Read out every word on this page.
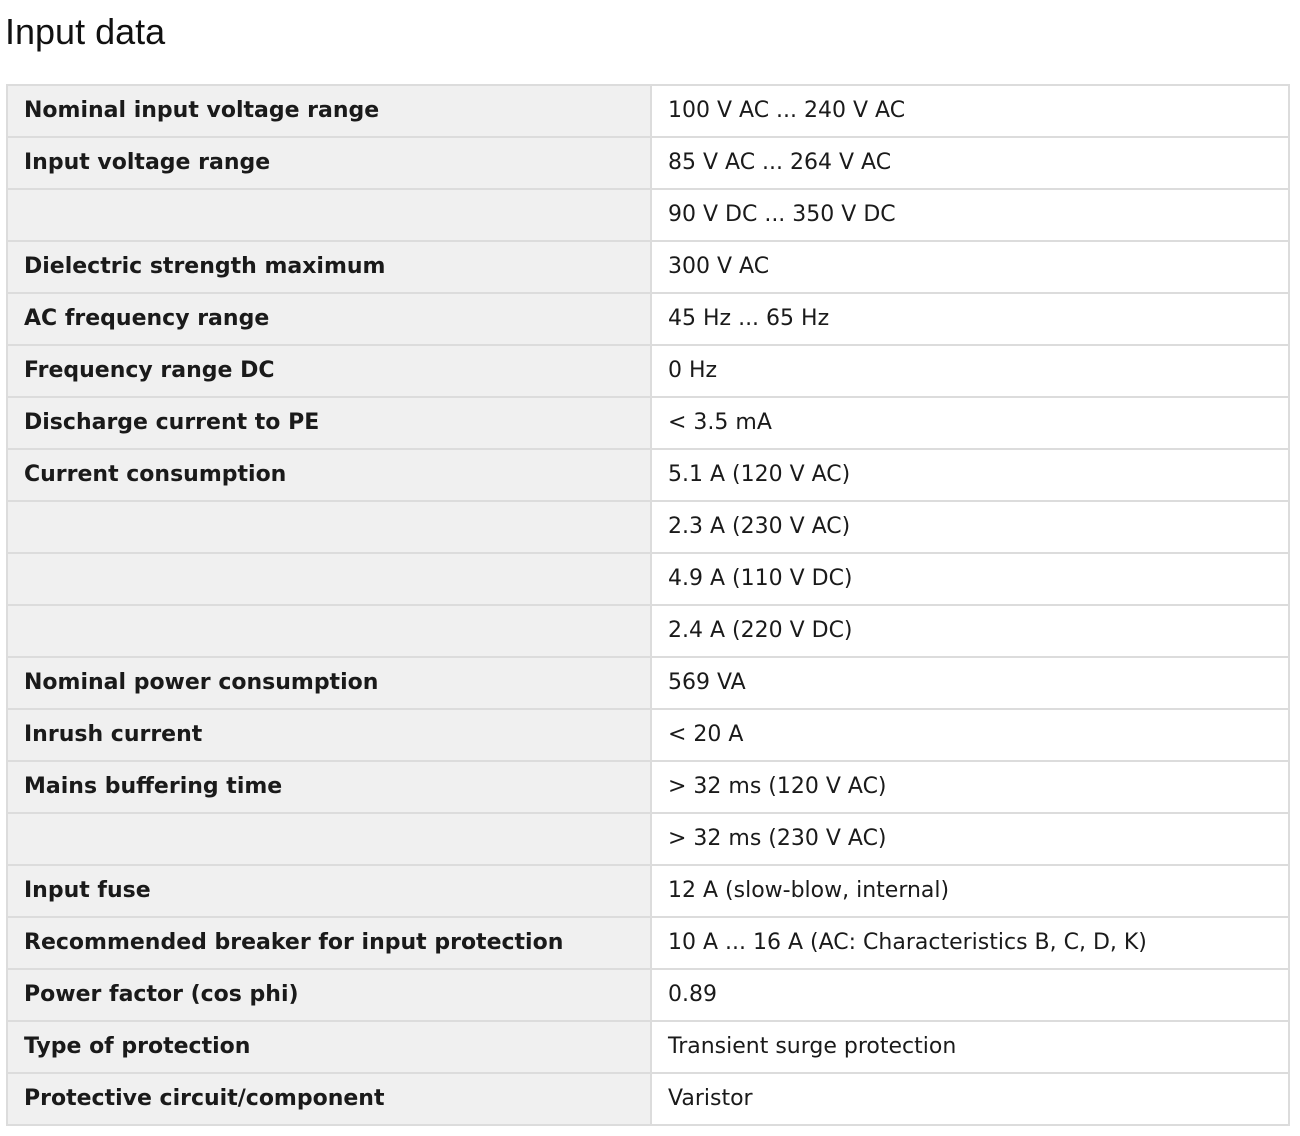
Input data
Nominal input voltage range	100 V AC ... 240 V AC
Input voltage range	85 V AC ... 264 V AC
	90 V DC ... 350 V DC
Dielectric strength maximum	300 V AC
AC frequency range	45 Hz ... 65 Hz
Frequency range DC	0 Hz
Discharge current to PE	< 3.5 mA
Current consumption	5.1 A (120 V AC)
	2.3 A (230 V AC)
	4.9 A (110 V DC)
	2.4 A (220 V DC)
Nominal power consumption	569 VA
Inrush current	< 20 A
Mains buffering time	> 32 ms (120 V AC)
	> 32 ms (230 V AC)
Input fuse	12 A (slow-blow, internal)
Recommended breaker for input protection	10 A ... 16 A (AC: Characteristics B, C, D, K)
Power factor (cos phi)	0.89
Type of protection	Transient surge protection
Protective circuit/component	Varistor
